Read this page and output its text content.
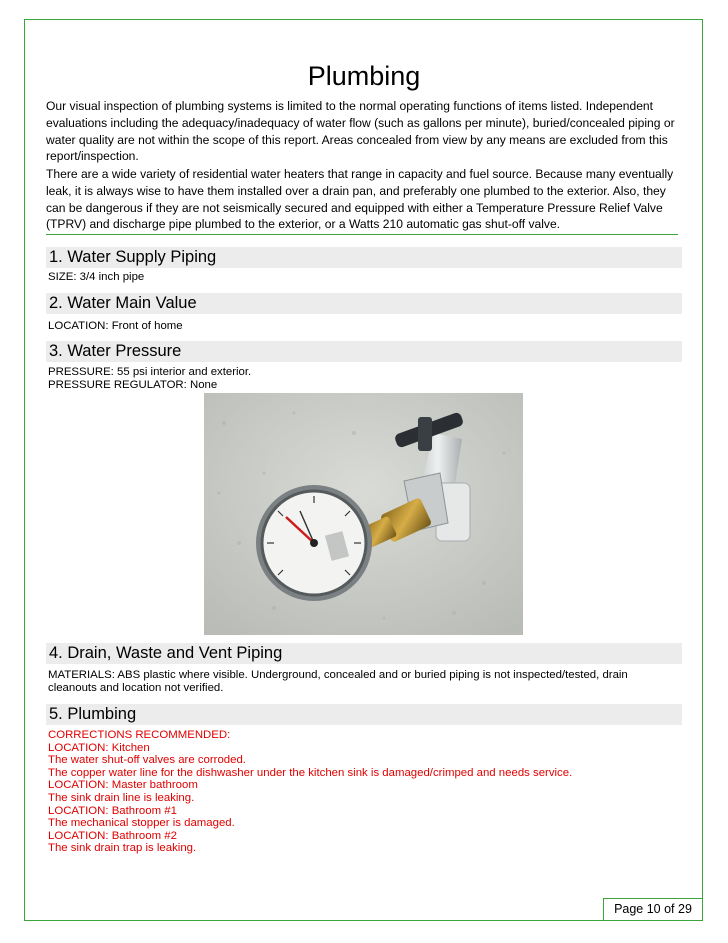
Plumbing

Our visual inspection of plumbing systems is limited to the normal operating functions of items listed. Independent evaluations including the adequacy/inadequacy of water flow (such as gallons per minute), buried/concealed piping or water quality are not within the scope of this report. Areas concealed from view by any means are excluded from this report/inspection.

There are a wide variety of residential water heaters that range in capacity and fuel source. Because many eventually leak, it is always wise to have them installed over a drain pan, and preferably one plumbed to the exterior. Also, they can be dangerous if they are not seismically secured and equipped with either a Temperature Pressure Relief Valve (TPRV) and discharge pipe plumbed to the exterior, or a Watts 210 automatic gas shut-off valve.

1. Water Supply Piping
SIZE: 3/4 inch pipe
2. Water Main Value
LOCATION: Front of home
3. Water Pressure
PRESSURE: 55 psi interior and exterior.
PRESSURE REGULATOR: None
4. Drain, Waste and Vent Piping
MATERIALS: ABS plastic where visible. Underground, concealed and or buried piping is not inspected/tested, drain
cleanouts and location not verified.
5. Plumbing
CORRECTIONS RECOMMENDED:
LOCATION: Kitchen
The water shut-off valves are corroded.
The copper water line for the dishwasher under the kitchen sink is damaged/crimped and needs service.
LOCATION: Master bathroom
The sink drain line is leaking.
LOCATION: Bathroom #1
The mechanical stopper is damaged.
LOCATION: Bathroom #2
The sink drain trap is leaking.
Page 10 of 29
